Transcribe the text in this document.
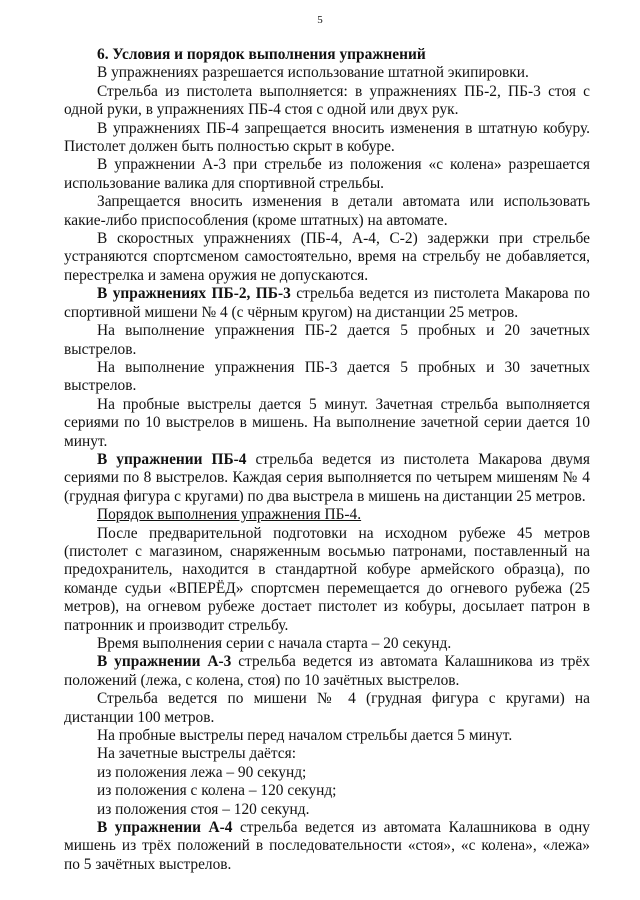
5

6. Условия и порядок выполнения упражнений

В упражнениях разрешается использование штатной экипировки.

Стрельба из пистолета выполняется: в упражнениях ПБ-2, ПБ-3 стоя с одной руки, в упражнениях ПБ-4 стоя с одной или двух рук.

В упражнениях ПБ-4 запрещается вносить изменения в штатную кобуру. Пистолет должен быть полностью скрыт в кобуре.

В упражнении А-3 при стрельбе из положения «с колена» разрешается использование валика для спортивной стрельбы.

Запрещается вносить изменения в детали автомата или использовать какие-либо приспособления (кроме штатных) на автомате.

В скоростных упражнениях (ПБ-4, А-4, С-2) задержки при стрельбе устраняются спортсменом самостоятельно, время на стрельбу не добавляется, перестрелка и замена оружия не допускаются.

В упражнениях ПБ-2, ПБ-3 стрельба ведется из пистолета Макарова по спортивной мишени № 4 (с чёрным кругом) на дистанции 25 метров.

На выполнение упражнения ПБ-2 дается 5 пробных и 20 зачетных выстрелов.

На выполнение упражнения ПБ-3 дается 5 пробных и 30 зачетных выстрелов.

На пробные выстрелы дается 5 минут. Зачетная стрельба выполняется сериями по 10 выстрелов в мишень. На выполнение зачетной серии дается 10 минут.

В упражнении ПБ-4 стрельба ведется из пистолета Макарова двумя сериями по 8 выстрелов. Каждая серия выполняется по четырем мишеням № 4 (грудная фигура с кругами) по два выстрела в мишень на дистанции 25 метров.

Порядок выполнения упражнения ПБ-4.

После предварительной подготовки на исходном рубеже 45 метров (пистолет с магазином, снаряженным восьмью патронами, поставленный на предохранитель, находится в стандартной кобуре армейского образца), по команде судьи «ВПЕРЁД» спортсмен перемещается до огневого рубежа (25 метров), на огневом рубеже достает пистолет из кобуры, досылает патрон в патронник и производит стрельбу.

Время выполнения серии с начала старта – 20 секунд.

В упражнении А-3 стрельба ведется из автомата Калашникова из трёх положений (лежа, с колена, стоя) по 10 зачётных выстрелов.

Стрельба ведется по мишени № 4 (грудная фигура с кругами) на дистанции 100 метров.

На пробные выстрелы перед началом стрельбы дается 5 минут.

На зачетные выстрелы даётся:

из положения лежа – 90 секунд;

из положения с колена – 120 секунд;

из положения стоя – 120 секунд.

В упражнении А-4 стрельба ведется из автомата Калашникова в одну мишень из трёх положений в последовательности «стоя», «с колена», «лежа» по 5 зачётных выстрелов.
